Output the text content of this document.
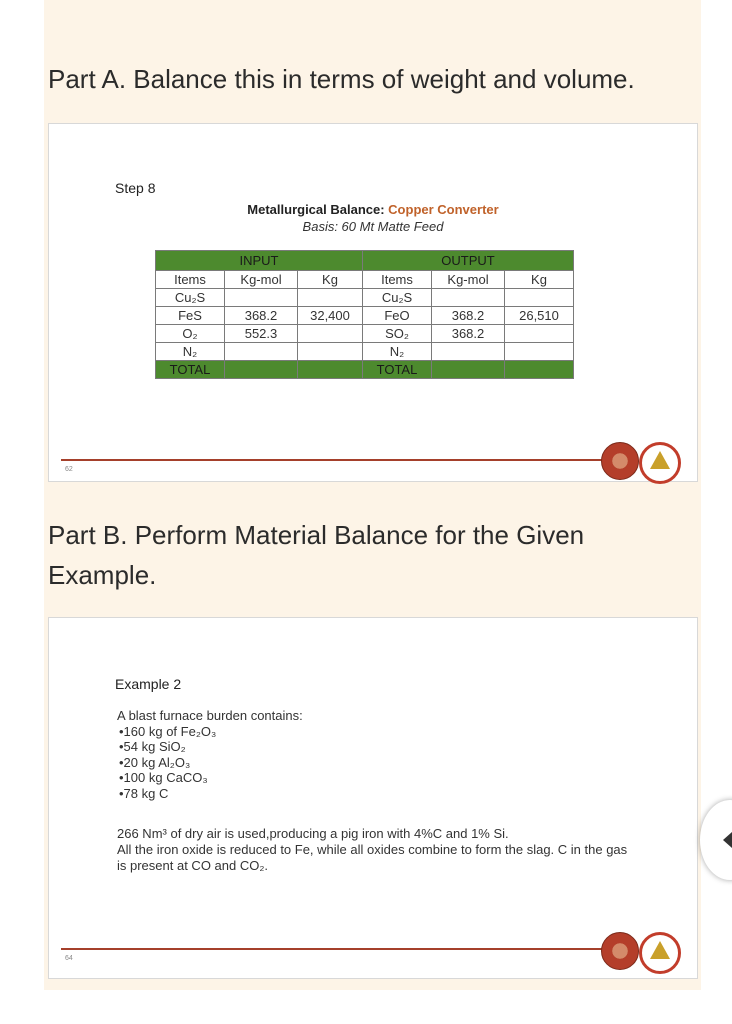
Part A. Balance this in terms of weight and volume.
Part B. Perform Material Balance for the Given
Example.
Step 8
Metallurgical Balance: Copper Converter
Basis: 60 Mt Matte Feed
INPUT			OUTPUT		
Items	Kg-mol	Kg	Items	Kg-mol	Kg
Cu₂S			Cu₂S		
FeS	368.2	32,400	FeO	368.2	26,510
O₂	552.3		SO₂	368.2	
N₂			N₂		
TOTAL			TOTAL		
62
Example 2
A blast furnace burden contains:
•160 kg of Fe₂O₃
•54 kg SiO₂
•20 kg Al₂O₃
•100 kg CaCO₃
•78 kg C
266 Nm³ of dry air is used,producing a pig iron with 4%C and 1% Si.
All the iron oxide is reduced to Fe, while all oxides combine to form the slag. C in the gas is present at CO and CO₂.
64
